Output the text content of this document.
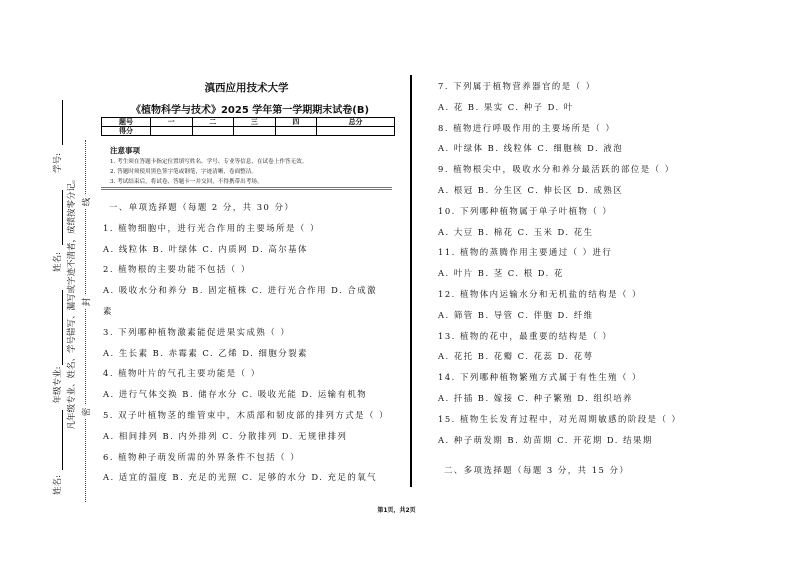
学号:
姓名:
年级专业:
姓名:
凡年级专业、姓名、学号错写、漏写或字迹不清者，成绩按零分记。 线
封
密
滇西应用技术大学
《植物科学与技术》2025 学年第一学期期末试卷(B)
题号	一	二	三	四	总分
得分					
注意事项
1. 考生须在答题卡指定位置填写姓名、学号、专业等信息，在试卷上作答无效。
2. 答题时须使用黑色签字笔或钢笔，字迹清晰，卷面整洁。
3. 考试结束后，将试卷、答题卡一并交回，不得携带出考场。
一、单项选择题（每题 2 分，共 30 分）
1. 植物细胞中，进行光合作用的主要场所是（ ）
A. 线粒体 B. 叶绿体 C. 内质网 D. 高尔基体
2. 植物根的主要功能不包括（ ）
A. 吸收水分和养分 B. 固定植株 C. 进行光合作用 D. 合成激
素
3. 下列哪种植物激素能促进果实成熟（ ）
A. 生长素 B. 赤霉素 C. 乙烯 D. 细胞分裂素
4. 植物叶片的气孔主要功能是（ ）
A. 进行气体交换 B. 储存水分 C. 吸收光能 D. 运输有机物
5. 双子叶植物茎的维管束中，木质部和韧皮部的排列方式是（ ）
A. 相间排列 B. 内外排列 C. 分散排列 D. 无规律排列
6. 植物种子萌发所需的外界条件不包括（ ）
A. 适宜的温度 B. 充足的光照 C. 足够的水分 D. 充足的氧气
7. 下列属于植物营养器官的是（ ）
A. 花 B. 果实 C. 种子 D. 叶
8. 植物进行呼吸作用的主要场所是（ ）
A. 叶绿体 B. 线粒体 C. 细胞核 D. 液泡
9. 植物根尖中，吸收水分和养分最活跃的部位是（ ）
A. 根冠 B. 分生区 C. 伸长区 D. 成熟区
10. 下列哪种植物属于单子叶植物（ ）
A. 大豆 B. 棉花 C. 玉米 D. 花生
11. 植物的蒸腾作用主要通过（ ）进行
A. 叶片 B. 茎 C. 根 D. 花
12. 植物体内运输水分和无机盐的结构是（ ）
A. 筛管 B. 导管 C. 伴胞 D. 纤维
13. 植物的花中，最重要的结构是（ ）
A. 花托 B. 花瓣 C. 花蕊 D. 花萼
14. 下列哪种植物繁殖方式属于有性生殖（ ）
A. 扦插 B. 嫁接 C. 种子繁殖 D. 组织培养
15. 植物生长发育过程中，对光周期敏感的阶段是（ ）
A. 种子萌发期 B. 幼苗期 C. 开花期 D. 结果期
二、多项选择题（每题 3 分，共 15 分）
第1页，共2页
